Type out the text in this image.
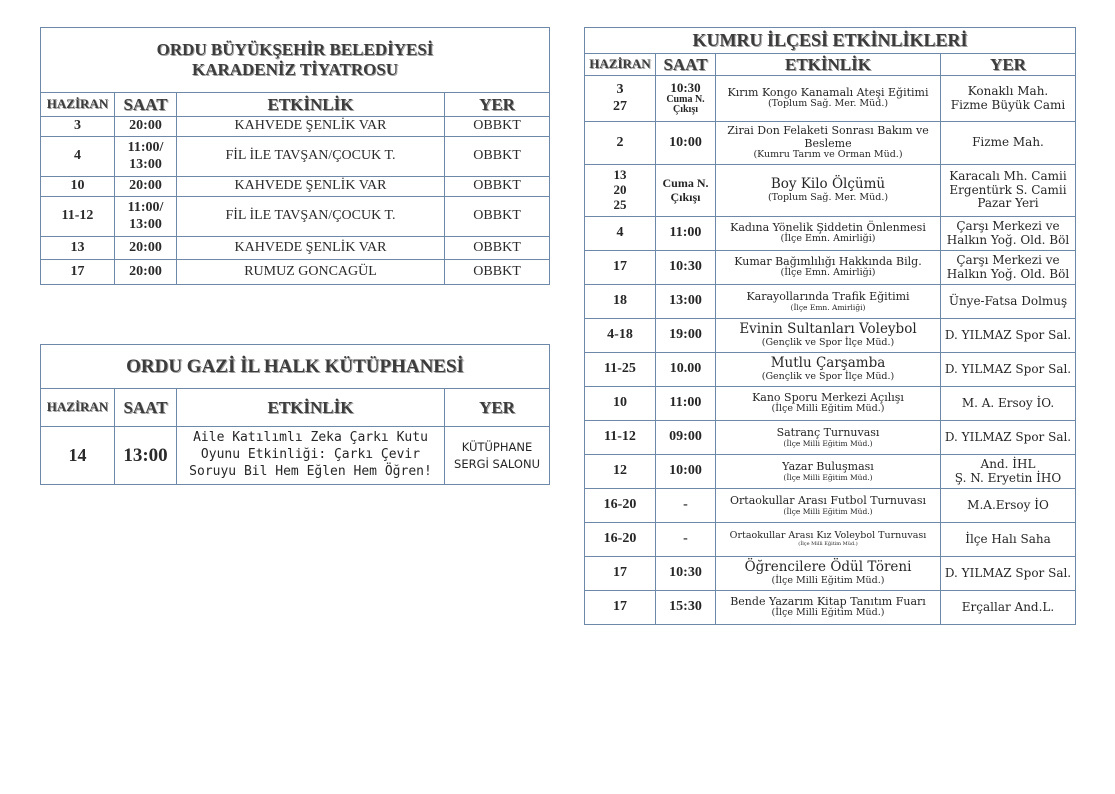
ORDU BÜYÜKŞEHİR BELEDİYESİ
KARADENİZ TİYATROSU			

HAZİRAN	SAAT	ETKİNLİK	YER
3	20:00	KAHVEDE ŞENLİK VAR	OBBKT
4	11:00/
13:00	FİL İLE TAVŞAN/ÇOCUK T.	OBBKT
10	20:00	KAHVEDE ŞENLİK VAR	OBBKT
11-12	11:00/
13:00	FİL İLE TAVŞAN/ÇOCUK T.	OBBKT
13	20:00	KAHVEDE ŞENLİK VAR	OBBKT
17	20:00	RUMUZ GONCAGÜL	OBBKT
ORDU GAZİ İL HALK KÜTÜPHANESİ			
HAZİRAN	SAAT	ETKİNLİK	YER
14	13:00	Aile Katılımlı Zeka Çarkı Kutu
Oyunu Etkinliği: Çarkı Çevir
Soruyu Bil Hem Eğlen Hem Öğren!	KÜTÜPHANE
SERGİ SALONU
KUMRU İLÇESİ ETKİNLİKLERİ			
HAZİRAN	SAAT	ETKİNLİK	YER

3
27	10:30
Cuma N.
Çıkışı	Kırım Kongo Kanamalı Ateşi Eğitimi
(Toplum Sağ. Mer. Müd.)	Konaklı Mah.
Fizme Büyük Cami

2	10:00	Zirai Don Felaketi Sonrası Bakım ve
Besleme
(Kumru Tarım ve Orman Müd.)	Fizme Mah.

13
20
25	Cuma N.
Çıkışı	Boy Kilo Ölçümü
(Toplum Sağ. Mer. Müd.)	Karacalı Mh. Camii
Ergentürk S. Camii
Pazar Yeri

4	11:00	Kadına Yönelik Şiddetin Önlenmesi
(İlçe Emn. Amirliği)	Çarşı Merkezi ve
Halkın Yoğ. Old. Böl

17	10:30	Kumar Bağımlılığı Hakkında Bilg.
(İlçe Emn. Amirliği)	Çarşı Merkezi ve
Halkın Yoğ. Old. Böl

18	13:00	Karayollarında Trafik Eğitimi
(İlçe Emn. Amirliği)	Ünye-Fatsa Dolmuş
4-18	19:00	Evinin Sultanları Voleybol
(Gençlik ve Spor İlçe Müd.)	D. YILMAZ Spor Sal.
11-25	10.00	Mutlu Çarşamba
(Gençlik ve Spor İlçe Müd.)	D. YILMAZ Spor Sal.
10	11:00	Kano Sporu Merkezi Açılışı
(İlçe Milli Eğitim Müd.)	M. A. Ersoy İO.
11-12	09:00	Satranç Turnuvası
(İlçe Milli Eğitim Müd.)	D. YILMAZ Spor Sal.
12	10:00	Yazar Buluşması
(İlçe Milli Eğitim Müd.)	And. İHL
Ş. N. Eryetin İHO

16-20	-	Ortaokullar Arası Futbol Turnuvası
(İlçe Milli Eğitim Müd.)	M.A.Ersoy İO
16-20	-	Ortaokullar Arası Kız Voleybol Turnuvası
(İlçe Milli Eğitim Müd.)	İlçe Halı Saha
17	10:30	Öğrencilere Ödül Töreni
(İlçe Milli Eğitim Müd.)	D. YILMAZ Spor Sal.
17	15:30	Bende Yazarım Kitap Tanıtım Fuarı
(İlçe Milli Eğitim Müd.)	Erçallar And.L.
